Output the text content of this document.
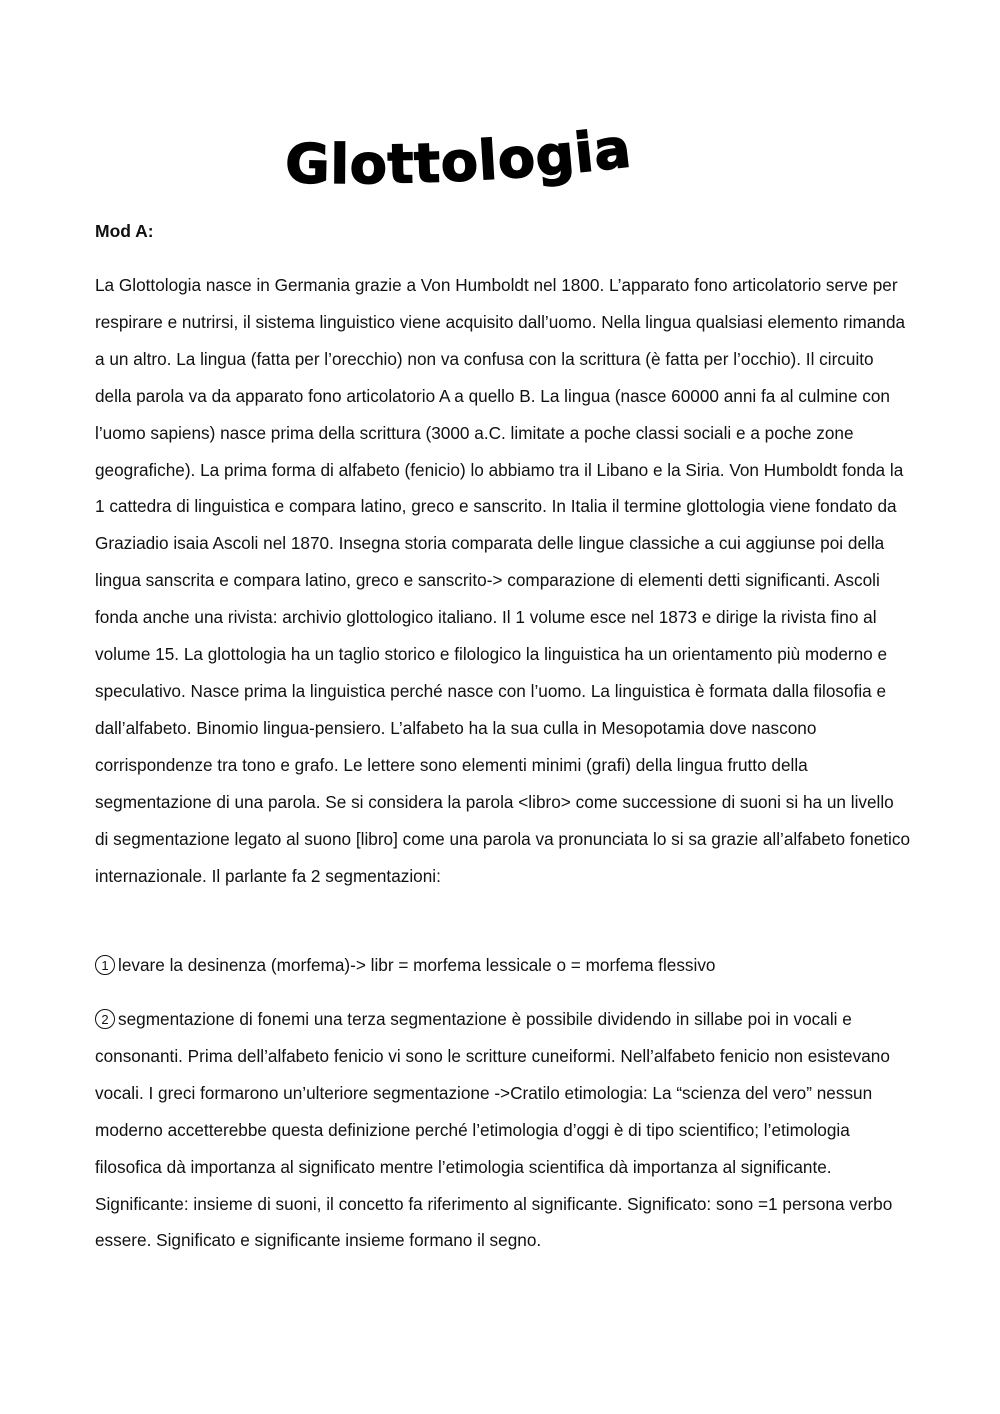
Glottologia
Mod A:

La Glottologia nasce in Germania grazie a Von Humboldt nel 1800. L’apparato fono articolatorio serve per respirare e nutrirsi, il sistema linguistico viene acquisito dall’uomo. Nella lingua qualsiasi elemento rimanda a un altro. La lingua (fatta per l’orecchio) non va confusa con la scrittura (è fatta per l’occhio). Il circuito della parola va da apparato fono articolatorio A a quello B. La lingua (nasce 60000 anni fa al culmine con l’uomo sapiens) nasce prima della scrittura (3000 a.C. limitate a poche classi sociali e a poche zone geografiche). La prima forma di alfabeto (fenicio) lo abbiamo tra il Libano e la Siria. Von Humboldt fonda la 1 cattedra di linguistica e compara latino, greco e sanscrito. In Italia il termine glottologia viene fondato da Graziadio isaia Ascoli nel 1870. Insegna storia comparata delle lingue classiche a cui aggiunse poi della lingua sanscrita e compara latino, greco e sanscrito-> comparazione di elementi detti significanti. Ascoli fonda anche una rivista: archivio glottologico italiano. Il 1 volume esce nel 1873 e dirige la rivista fino al volume 15. La glottologia ha un taglio storico e filologico la linguistica ha un orientamento più moderno e speculativo. Nasce prima la linguistica perché nasce con l’uomo. La linguistica è formata dalla filosofia e dall’alfabeto. Binomio lingua-pensiero. L’alfabeto ha la sua culla in Mesopotamia dove nascono corrispondenze tra tono e grafo. Le lettere sono elementi minimi (grafi) della lingua frutto della segmentazione di una parola. Se si considera la parola <libro> come successione di suoni si ha un livello di segmentazione legato al suono [libro] come una parola va pronunciata lo si sa grazie all’alfabeto fonetico internazionale. Il parlante fa 2 segmentazioni:

1 levare la desinenza (morfema)-> libr = morfema lessicale o = morfema flessivo

2 segmentazione di fonemi una terza segmentazione è possibile dividendo in sillabe poi in vocali e consonanti. Prima dell’alfabeto fenicio vi sono le scritture cuneiformi. Nell’alfabeto fenicio non esistevano vocali. I greci formarono un’ulteriore segmentazione ->Cratilo etimologia: La “scienza del vero” nessun moderno accetterebbe questa definizione perché l’etimologia d’oggi è di tipo scientifico; l’etimologia filosofica dà importanza al significato mentre l’etimologia scientifica dà importanza al significante. Significante: insieme di suoni, il concetto fa riferimento al significante. Significato: sono =1 persona verbo essere. Significato e significante insieme formano il segno.
